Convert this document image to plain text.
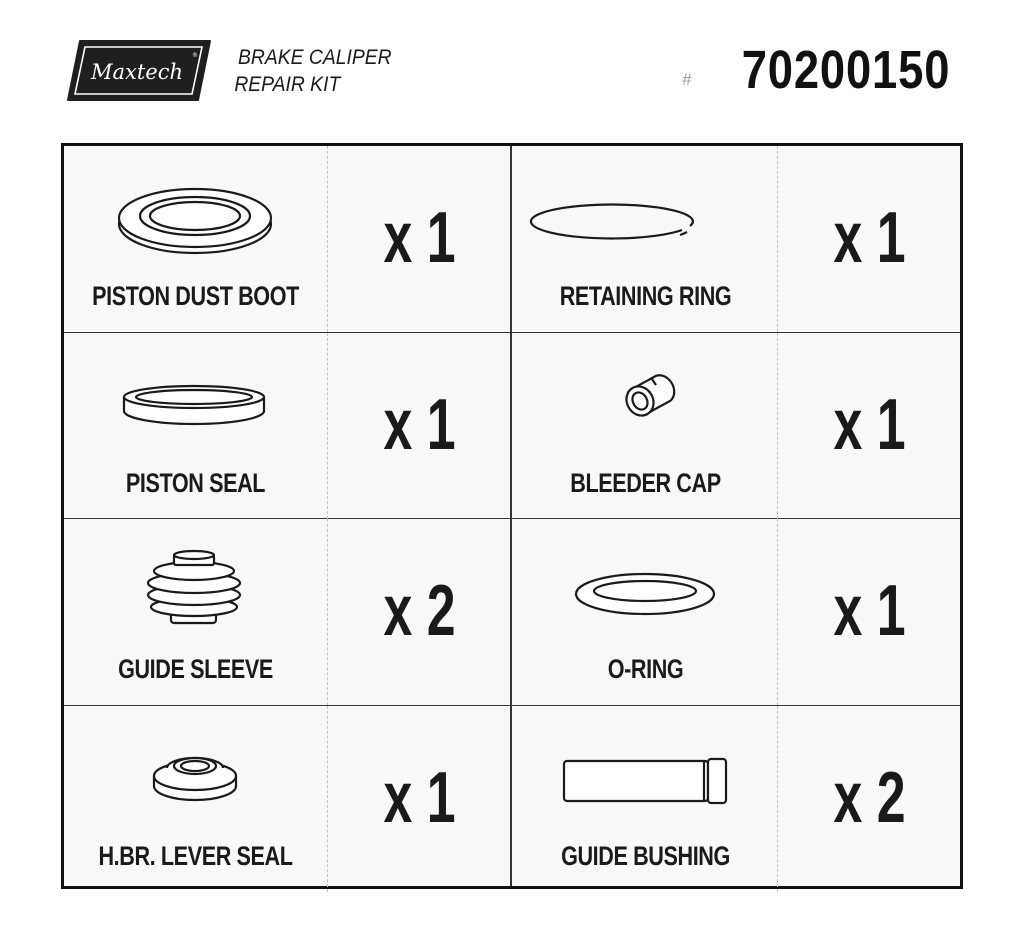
Maxtech
® BRAKE CALIPER
REPAIR KIT	# 70200150
PISTON DUST BOOT
x 1
RETAINING RING
x 1
PISTON SEAL
x 1
BLEEDER CAP
x 1
GUIDE SLEEVE
x 2
O-RING
x 1
H.BR. LEVER SEAL
x 1
GUIDE BUSHING
x 2
